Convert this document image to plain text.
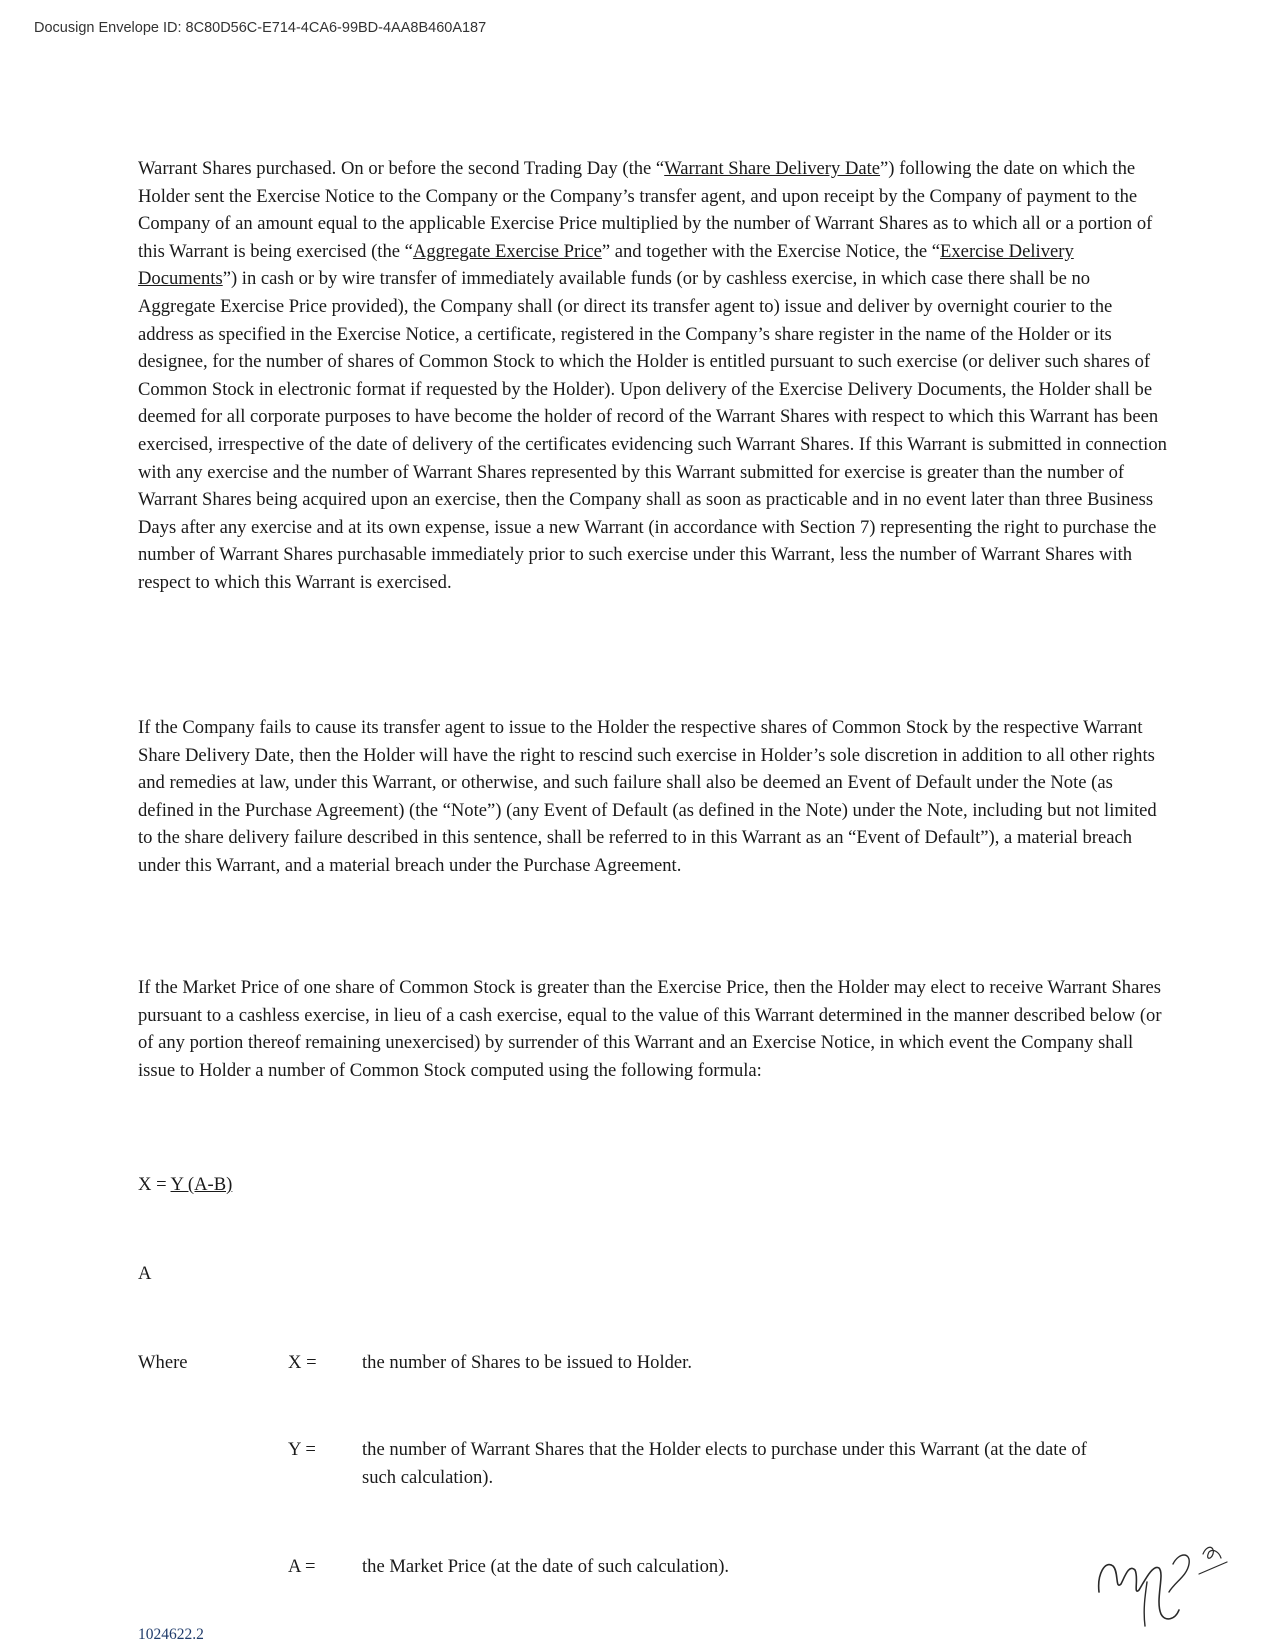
Docusign Envelope ID: 8C80D56C-E714-4CA6-99BD-4AA8B460A187

Warrant Shares purchased. On or before the second Trading Day (the “Warrant Share Delivery Date”) following the date on which the Holder sent the Exercise Notice to the Company or the Company’s transfer agent, and upon receipt by the Company of payment to the Company of an amount equal to the applicable Exercise Price multiplied by the number of Warrant Shares as to which all or a portion of this Warrant is being exercised (the “Aggregate Exercise Price” and together with the Exercise Notice, the “Exercise Delivery Documents”) in cash or by wire transfer of immediately available funds (or by cashless exercise, in which case there shall be no Aggregate Exercise Price provided), the Company shall (or direct its transfer agent to) issue and deliver by overnight courier to the address as specified in the Exercise Notice, a certificate, registered in the Company’s share register in the name of the Holder or its designee, for the number of shares of Common Stock to which the Holder is entitled pursuant to such exercise (or deliver such shares of Common Stock in electronic format if requested by the Holder). Upon delivery of the Exercise Delivery Documents, the Holder shall be deemed for all corporate purposes to have become the holder of record of the Warrant Shares with respect to which this Warrant has been exercised, irrespective of the date of delivery of the certificates evidencing such Warrant Shares. If this Warrant is submitted in connection with any exercise and the number of Warrant Shares represented by this Warrant submitted for exercise is greater than the number of Warrant Shares being acquired upon an exercise, then the Company shall as soon as practicable and in no event later than three Business Days after any exercise and at its own expense, issue a new Warrant (in accordance with Section 7) representing the right to purchase the number of Warrant Shares purchasable immediately prior to such exercise under this Warrant, less the number of Warrant Shares with respect to which this Warrant is exercised.

If the Company fails to cause its transfer agent to issue to the Holder the respective shares of Common Stock by the respective Warrant Share Delivery Date, then the Holder will have the right to rescind such exercise in Holder’s sole discretion in addition to all other rights and remedies at law, under this Warrant, or otherwise, and such failure shall also be deemed an Event of Default under the Note (as defined in the Purchase Agreement) (the “Note”) (any Event of Default (as defined in the Note) under the Note, including but not limited to the share delivery failure described in this sentence, shall be referred to in this Warrant as an “Event of Default”), a material breach under this Warrant, and a material breach under the Purchase Agreement.

If the Market Price of one share of Common Stock is greater than the Exercise Price, then the Holder may elect to receive Warrant Shares pursuant to a cashless exercise, in lieu of a cash exercise, equal to the value of this Warrant determined in the manner described below (or of any portion thereof remaining unexercised) by surrender of this Warrant and an Exercise Notice, in which event the Company shall issue to Holder a number of Common Stock computed using the following formula:

X = Y (A-B)
A
Where	X = the number of Shares to be issued to Holder.
Y = the number of Warrant Shares that the Holder elects to purchase under this Warrant (at the date of such calculation).
A = the Market Price (at the date of such calculation).
1024622.2
